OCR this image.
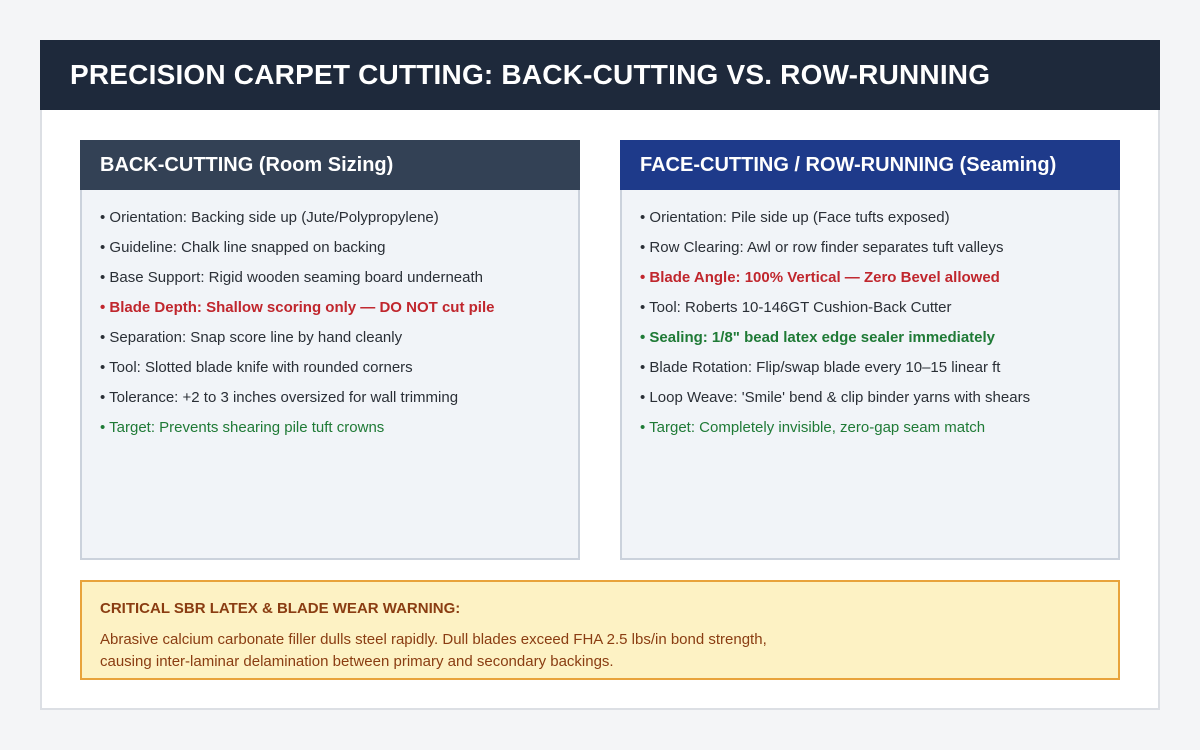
PRECISION CARPET CUTTING: BACK-CUTTING VS. ROW-RUNNING
BACK-CUTTING (Room Sizing)
• Orientation: Backing side up (Jute/Polypropylene)
• Guideline: Chalk line snapped on backing
• Base Support: Rigid wooden seaming board underneath
• Blade Depth: Shallow scoring only — DO NOT cut pile
• Separation: Snap score line by hand cleanly
• Tool: Slotted blade knife with rounded corners
• Tolerance: +2 to 3 inches oversized for wall trimming
• Target: Prevents shearing pile tuft crowns
FACE-CUTTING / ROW-RUNNING (Seaming)
• Orientation: Pile side up (Face tufts exposed)
• Row Clearing: Awl or row finder separates tuft valleys
• Blade Angle: 100% Vertical — Zero Bevel allowed
• Tool: Roberts 10-146GT Cushion-Back Cutter
• Sealing: 1/8" bead latex edge sealer immediately
• Blade Rotation: Flip/swap blade every 10–15 linear ft
• Loop Weave: 'Smile' bend & clip binder yarns with shears
• Target: Completely invisible, zero-gap seam match
CRITICAL SBR LATEX & BLADE WEAR WARNING:

Abrasive calcium carbonate filler dulls steel rapidly. Dull blades exceed FHA 2.5 lbs/in bond strength,
causing inter-laminar delamination between primary and secondary backings.
